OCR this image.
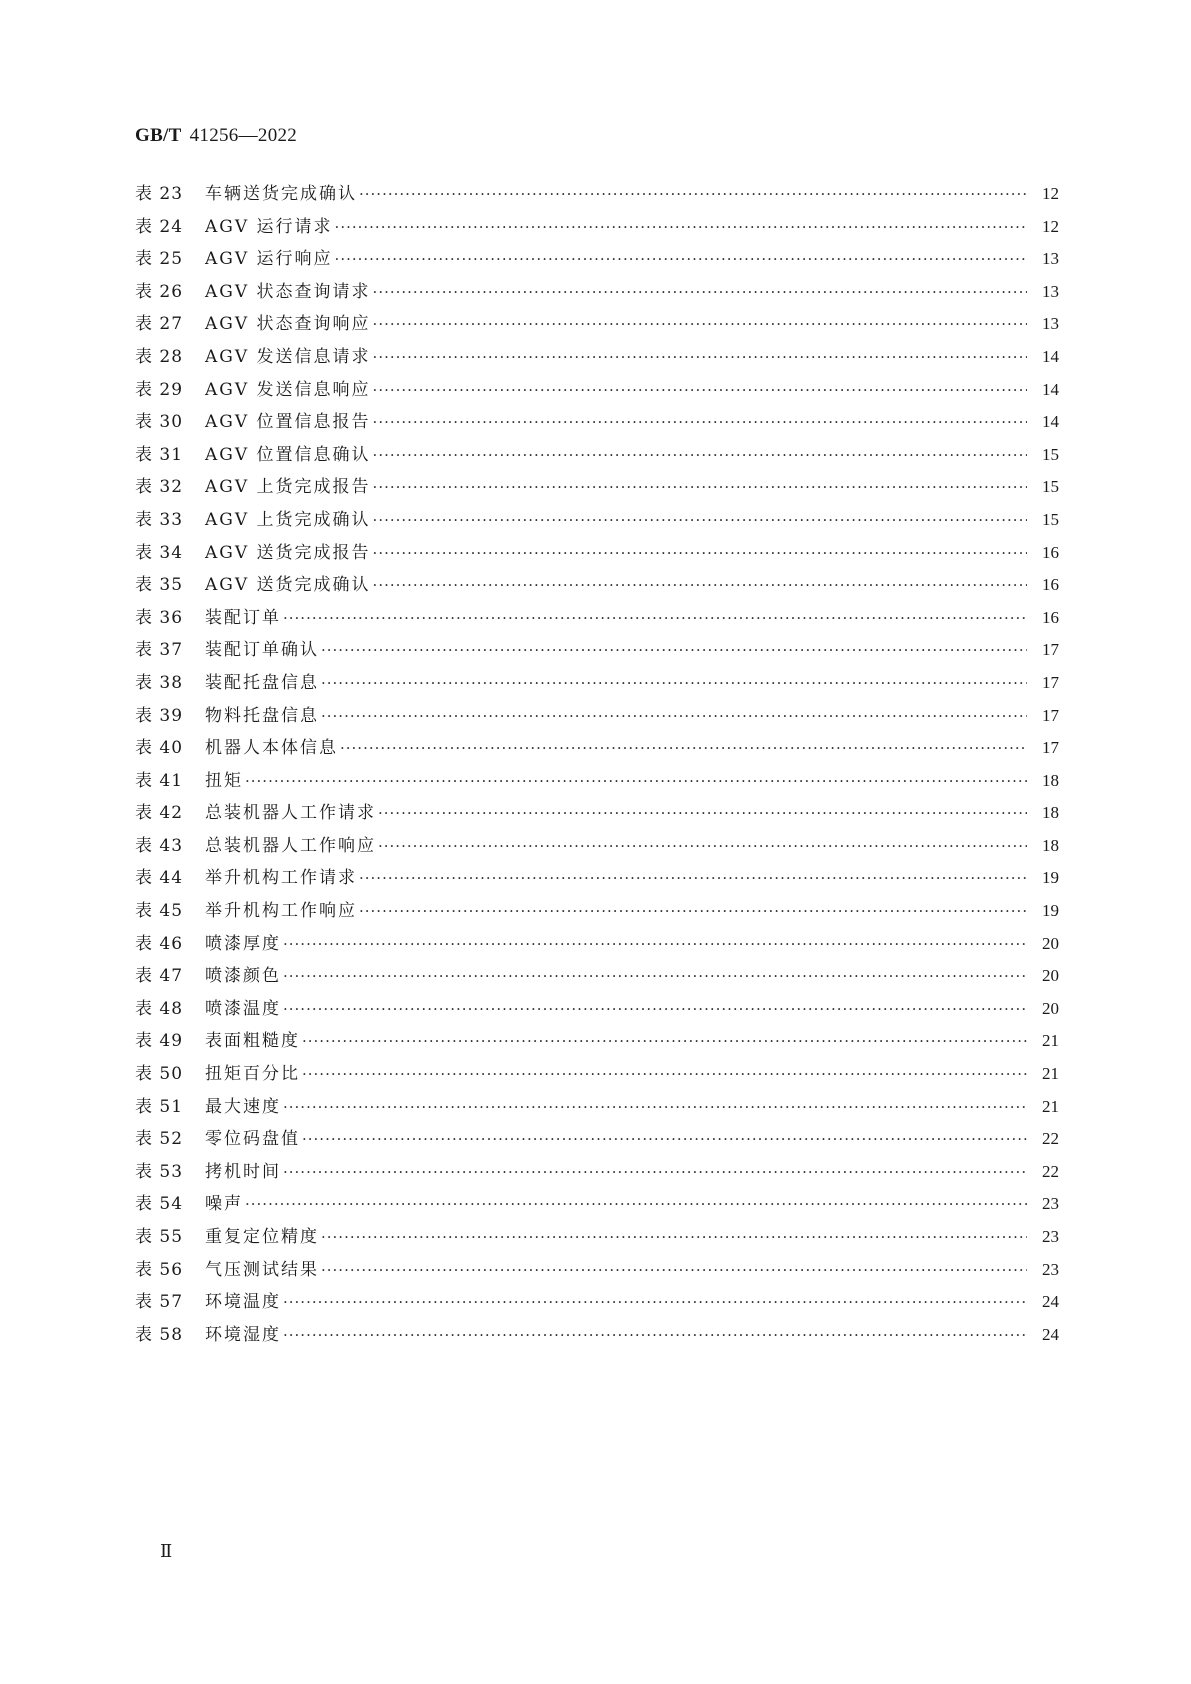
GB/T 41256—2022
表 23	车辆送货完成确认 ·····	12
表 24	AGV 运行请求 ·····	12
表 25	AGV 运行响应 ·····	13
表 26	AGV 状态查询请求 ·····	13
表 27	AGV 状态查询响应 ·····	13
表 28	AGV 发送信息请求 ·····	14
表 29	AGV 发送信息响应 ·····	14
表 30	AGV 位置信息报告 ·····	14
表 31	AGV 位置信息确认 ·····	15
表 32	AGV 上货完成报告 ·····	15
表 33	AGV 上货完成确认 ·····	15
表 34	AGV 送货完成报告 ·····	16
表 35	AGV 送货完成确认 ·····	16
表 36	装配订单 ·····	16
表 37	装配订单确认 ·····	17
表 38	装配托盘信息 ·····	17
表 39	物料托盘信息 ·····	17
表 40	机器人本体信息 ·····	17
表 41	扭矩 ·····	18
表 42	总装机器人工作请求 ·····	18
表 43	总装机器人工作响应 ·····	18
表 44	举升机构工作请求 ·····	19
表 45	举升机构工作响应 ·····	19
表 46	喷漆厚度 ·····	20
表 47	喷漆颜色 ·····	20
表 48	喷漆温度 ·····	20
表 49	表面粗糙度 ·····	21
表 50	扭矩百分比 ·····	21
表 51	最大速度 ·····	21
表 52	零位码盘值 ·····	22
表 53	拷机时间 ·····	22
表 54	噪声 ·····	23
表 55	重复定位精度 ·····	23
表 56	气压测试结果 ·····	23
表 57	环境温度 ·····	24
表 58	环境湿度 ·····	24
Ⅱ
